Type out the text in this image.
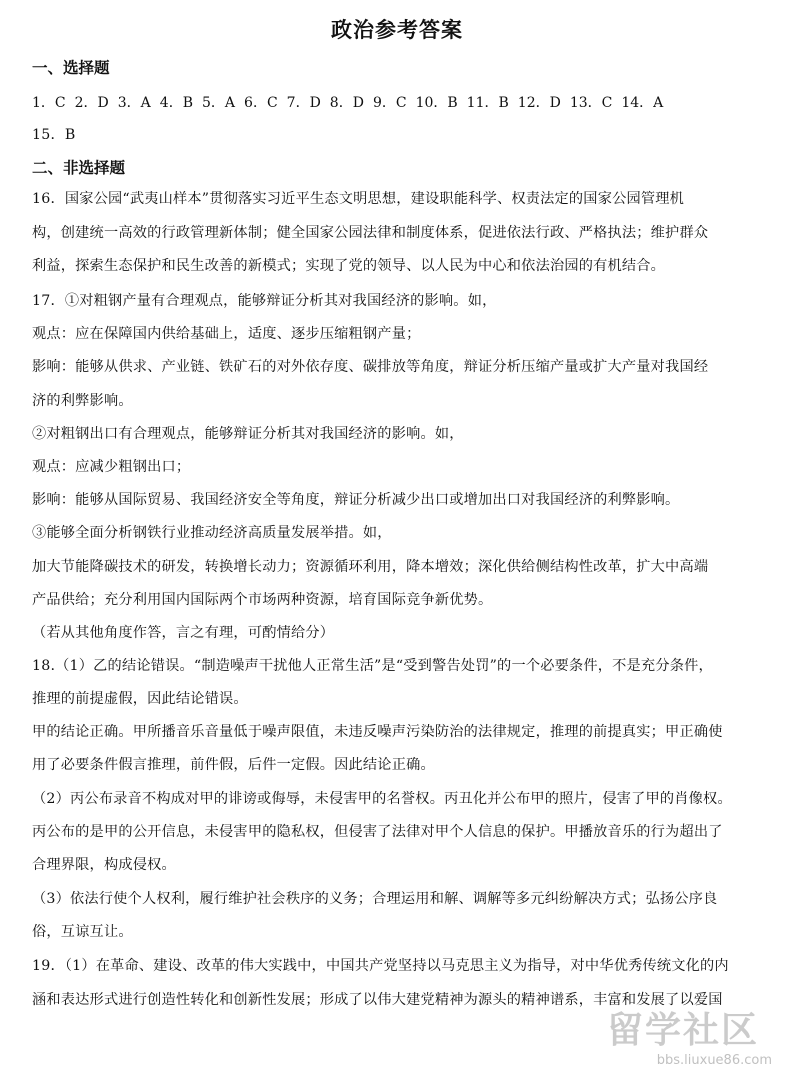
政治参考答案
一、选择题
1．C 2．D 3．A 4．B 5．A 6．C 7．D 8．D 9．C 10．B 11．B 12．D 13．C 14．A
15．B
二、非选择题
16．国家公园“武夷山样本”贯彻落实习近平生态文明思想，建设职能科学、权责法定的国家公园管理机
构，创建统一高效的行政管理新体制；健全国家公园法律和制度体系，促进依法行政、严格执法；维护群众
利益，探索生态保护和民生改善的新模式；实现了党的领导、以人民为中心和依法治园的有机结合。
17．①对粗钢产量有合理观点，能够辩证分析其对我国经济的影响。如，
观点：应在保障国内供给基础上，适度、逐步压缩粗钢产量；
影响：能够从供求、产业链、铁矿石的对外依存度、碳排放等角度，辩证分析压缩产量或扩大产量对我国经
济的利弊影响。
②对粗钢出口有合理观点，能够辩证分析其对我国经济的影响。如，
观点：应减少粗钢出口；
影响：能够从国际贸易、我国经济安全等角度，辩证分析减少出口或增加出口对我国经济的利弊影响。
③能够全面分析钢铁行业推动经济高质量发展举措。如，
加大节能降碳技术的研发，转换增长动力；资源循环利用，降本增效；深化供给侧结构性改革，扩大中高端
产品供给；充分利用国内国际两个市场两种资源，培育国际竞争新优势。
（若从其他角度作答，言之有理，可酌情给分）
18.（1）乙的结论错误。“制造噪声干扰他人正常生活”是“受到警告处罚”的一个必要条件，不是充分条件，
推理的前提虚假，因此结论错误。
甲的结论正确。甲所播音乐音量低于噪声限值，未违反噪声污染防治的法律规定，推理的前提真实；甲正确使
用了必要条件假言推理，前件假，后件一定假。因此结论正确。
（2）丙公布录音不构成对甲的诽谤或侮辱，未侵害甲的名誉权。丙丑化并公布甲的照片，侵害了甲的肖像权。
丙公布的是甲的公开信息，未侵害甲的隐私权，但侵害了法律对甲个人信息的保护。甲播放音乐的行为超出了
合理界限，构成侵权。
（3）依法行使个人权利，履行维护社会秩序的义务；合理运用和解、调解等多元纠纷解决方式；弘扬公序良
俗，互谅互让。
19．（1）在革命、建设、改革的伟大实践中，中国共产党坚持以马克思主义为指导，对中华优秀传统文化的内
涵和表达形式进行创造性转化和创新性发展；形成了以伟大建党精神为源头的精神谱系，丰富和发展了以爱国
留学社区
bbs.liuxue86.com
